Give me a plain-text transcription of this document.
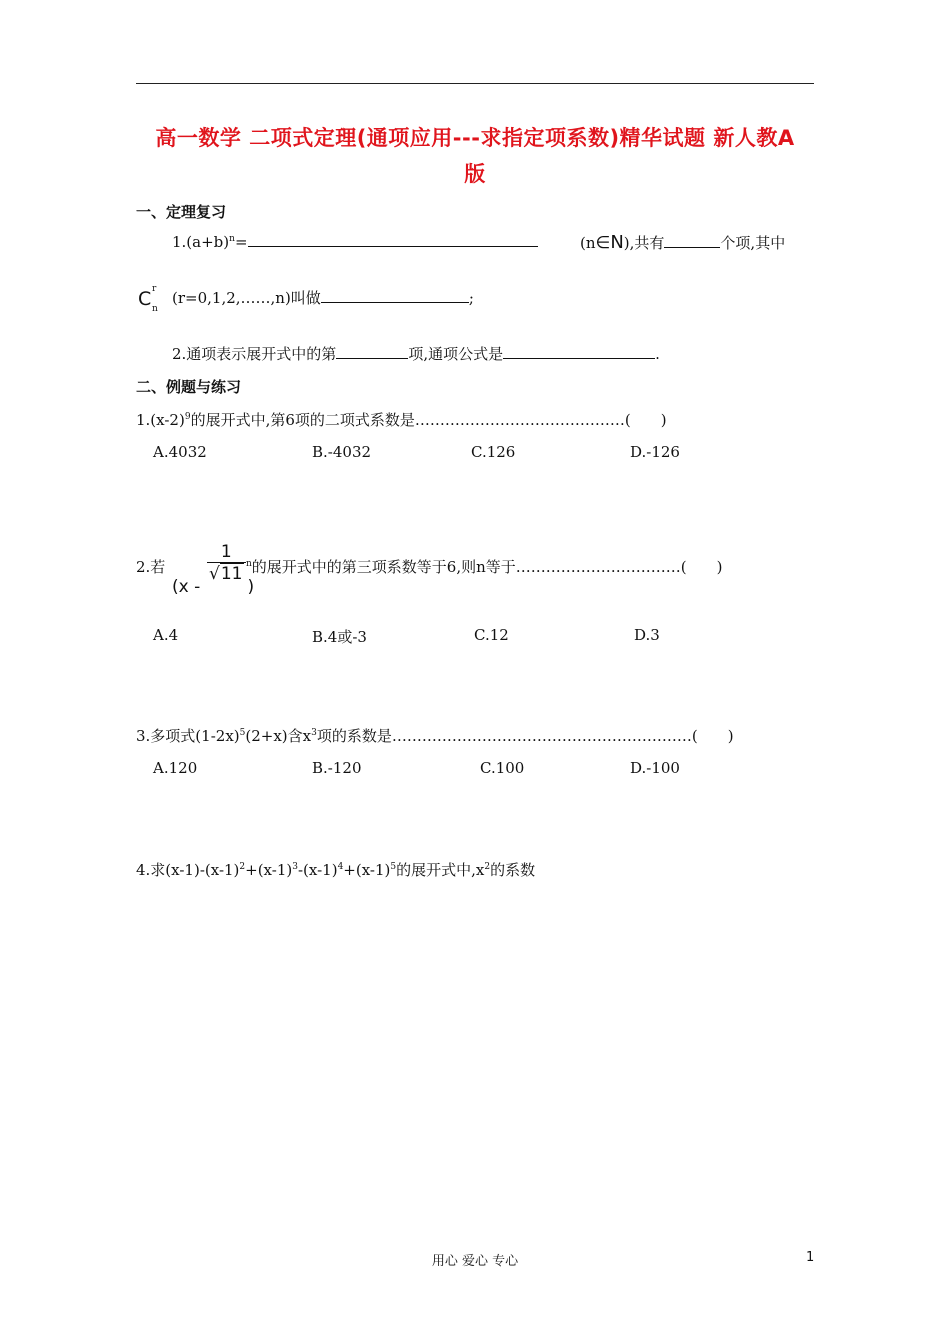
高一数学 二项式定理(通项应用---求指定项系数)精华试题 新人教A
版
一、定理复习
$1.(a+b)^n=$	(n∈N),共有	个项,其中
C r
n
(r=0,1,2,……,n)叫做	;
2.通项表示展开式中的第	项,通项公式是	.
二、例题与练习
$1.(x-2)^9$的展开式中,第6项的二项式系数是……………………………………(　　)
A.4032	B.-4032	C.126	D.-126
2.若
(x -
$\frac{1}{√11}$
)
$^n$的展开式中的第三项系数等于6,则n等于……………………………(　　)
A.4	B.4或-3	C.12	D.3
3.多项式$(1-2x)^5(2+x)$含$x^3$项的系数是……………………………………………………(　　)
A.120	B.-120	C.100	D.-100
4.求$(x-1)-(x-1)^2+(x-1)^3-(x-1)^4+(x-1)^5$的展开式中$,x^2$的系数
用心 爱心 专心	1
